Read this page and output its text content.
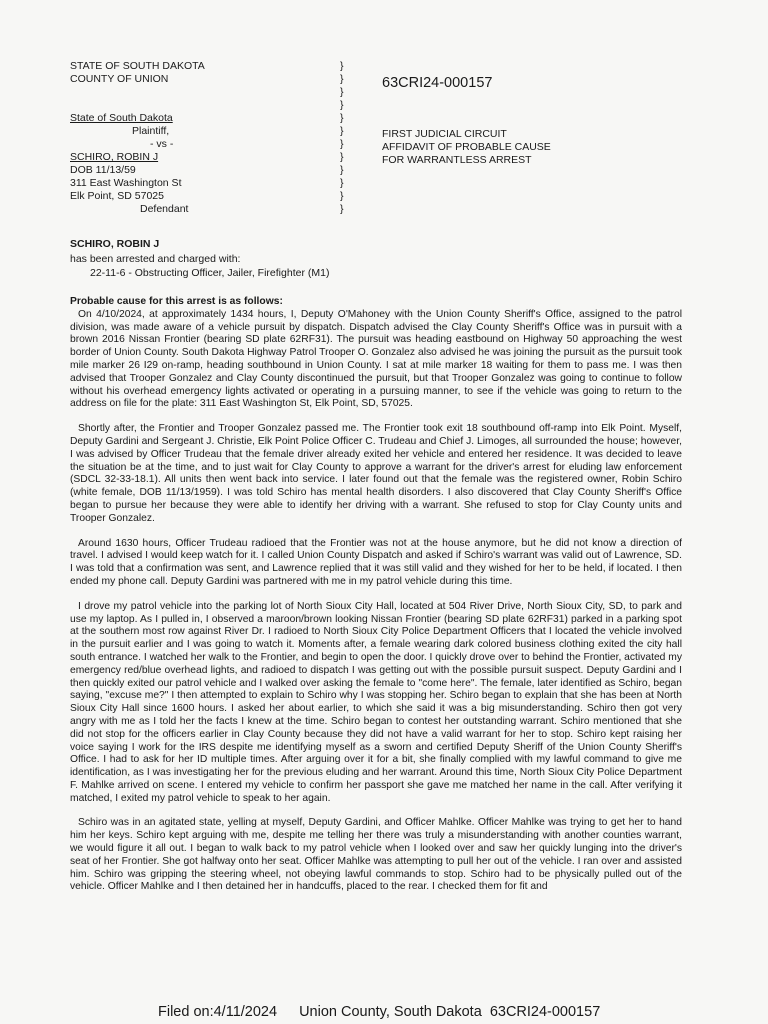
STATE OF SOUTH DAKOTA
COUNTY OF UNION
State of South Dakota
Plaintiff,
- vs -
SCHIRO, ROBIN J
DOB 11/13/59
311 East Washington St
Elk Point, SD 57025
Defendant
}
}
}
}
}
}
}
}
}
}
}
}
63CRI24-000157
FIRST JUDICIAL CIRCUIT
AFFIDAVIT OF PROBABLE CAUSE
FOR WARRANTLESS ARREST
SCHIRO, ROBIN J
has been arrested and charged with:
22-11-6 - Obstructing Officer, Jailer, Firefighter (M1)
Probable cause for this arrest is as follows:

On 4/10/2024, at approximately 1434 hours, I, Deputy O'Mahoney with the Union County Sheriff's Office, assigned to the patrol division, was made aware of a vehicle pursuit by dispatch. Dispatch advised the Clay County Sheriff's Office was in pursuit with a brown 2016 Nissan Frontier (bearing SD plate 62RF31). The pursuit was heading eastbound on Highway 50 approaching the west border of Union County. South Dakota Highway Patrol Trooper O. Gonzalez also advised he was joining the pursuit as the pursuit took mile marker 26 I29 on-ramp, heading southbound in Union County. I sat at mile marker 18 waiting for them to pass me. I was then advised that Trooper Gonzalez and Clay County discontinued the pursuit, but that Trooper Gonzalez was going to continue to follow without his overhead emergency lights activated or operating in a pursuing manner, to see if the vehicle was going to return to the address on file for the plate: 311 East Washington St, Elk Point, SD, 57025.

Shortly after, the Frontier and Trooper Gonzalez passed me. The Frontier took exit 18 southbound off-ramp into Elk Point. Myself, Deputy Gardini and Sergeant J. Christie, Elk Point Police Officer C. Trudeau and Chief J. Limoges, all surrounded the house; however, I was advised by Officer Trudeau that the female driver already exited her vehicle and entered her residence. It was decided to leave the situation be at the time, and to just wait for Clay County to approve a warrant for the driver's arrest for eluding law enforcement (SDCL 32-33-18.1). All units then went back into service. I later found out that the female was the registered owner, Robin Schiro (white female, DOB 11/13/1959). I was told Schiro has mental health disorders. I also discovered that Clay County Sheriff's Office began to pursue her because they were able to identify her driving with a warrant. She refused to stop for Clay County units and Trooper Gonzalez.

Around 1630 hours, Officer Trudeau radioed that the Frontier was not at the house anymore, but he did not know a direction of travel. I advised I would keep watch for it. I called Union County Dispatch and asked if Schiro's warrant was valid out of Lawrence, SD. I was told that a confirmation was sent, and Lawrence replied that it was still valid and they wished for her to be held, if located. I then ended my phone call. Deputy Gardini was partnered with me in my patrol vehicle during this time.

I drove my patrol vehicle into the parking lot of North Sioux City Hall, located at 504 River Drive, North Sioux City, SD, to park and use my laptop. As I pulled in, I observed a maroon/brown looking Nissan Frontier (bearing SD plate 62RF31) parked in a parking spot at the southern most row against River Dr. I radioed to North Sioux City Police Department Officers that I located the vehicle involved in the pursuit earlier and I was going to watch it. Moments after, a female wearing dark colored business clothing exited the city hall south entrance. I watched her walk to the Frontier, and begin to open the door. I quickly drove over to behind the Frontier, activated my emergency red/blue overhead lights, and radioed to dispatch I was getting out with the possible pursuit suspect. Deputy Gardini and I then quickly exited our patrol vehicle and I walked over asking the female to "come here". The female, later identified as Schiro, began saying, "excuse me?" I then attempted to explain to Schiro why I was stopping her. Schiro began to explain that she has been at North Sioux City Hall since 1600 hours. I asked her about earlier, to which she said it was a big misunderstanding. Schiro then got very angry with me as I told her the facts I knew at the time. Schiro began to contest her outstanding warrant. Schiro mentioned that she did not stop for the officers earlier in Clay County because they did not have a valid warrant for her to stop. Schiro kept raising her voice saying I work for the IRS despite me identifying myself as a sworn and certified Deputy Sheriff of the Union County Sheriff's Office. I had to ask for her ID multiple times. After arguing over it for a bit, she finally complied with my lawful command to give me identification, as I was investigating her for the previous eluding and her warrant. Around this time, North Sioux City Police Department F. Mahlke arrived on scene. I entered my vehicle to confirm her passport she gave me matched her name in the call. After verifying it matched, I exited my patrol vehicle to speak to her again.

Schiro was in an agitated state, yelling at myself, Deputy Gardini, and Officer Mahlke. Officer Mahlke was trying to get her to hand him her keys. Schiro kept arguing with me, despite me telling her there was truly a misunderstanding with another counties warrant, we would figure it all out. I began to walk back to my patrol vehicle when I looked over and saw her quickly lunging into the driver's seat of her Frontier. She got halfway onto her seat. Officer Mahlke was attempting to pull her out of the vehicle. I ran over and assisted him. Schiro was gripping the steering wheel, not obeying lawful commands to stop. Schiro had to be physically pulled out of the vehicle. Officer Mahlke and I then detained her in handcuffs, placed to the rear. I checked them for fit and

Filed on:4/11/2024 Union County, South Dakota 63CRI24-000157
